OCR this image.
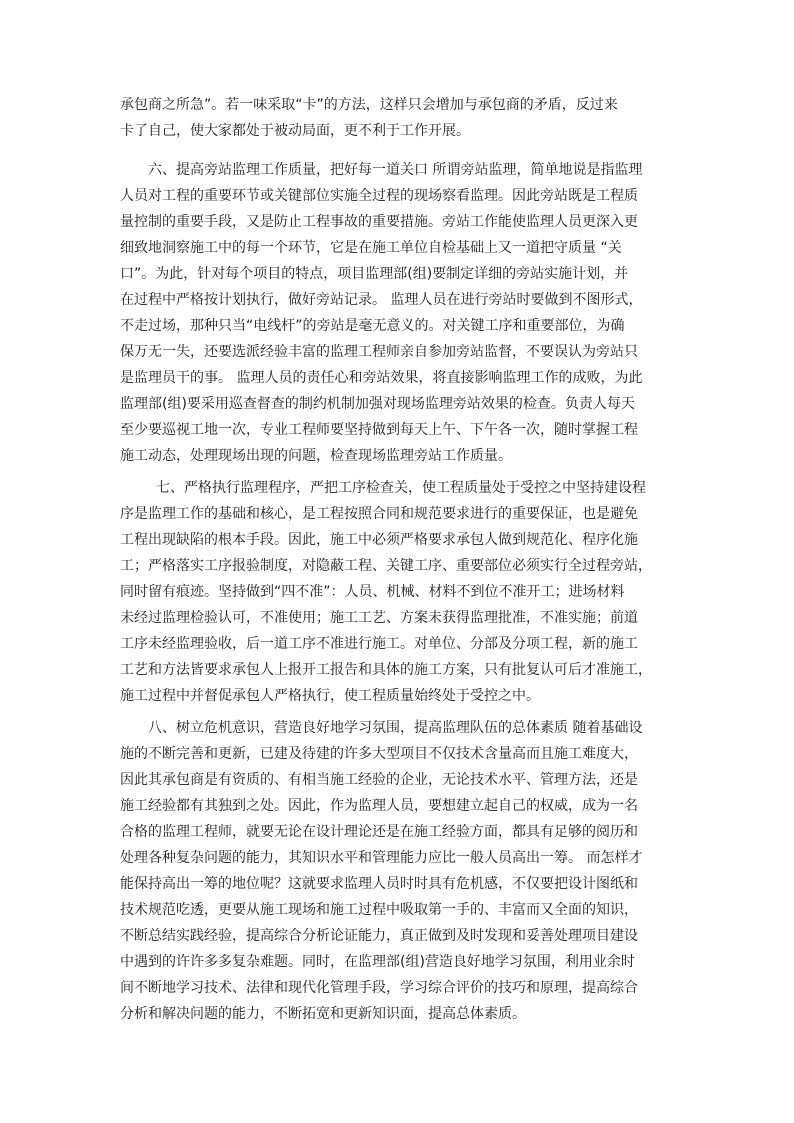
承包商之所急”。若一味采取“卡”的方法，这样只会增加与承包商的矛盾，反过来
卡了自己，使大家都处于被动局面，更不利于工作开展。
六、提高旁站监理工作质量，把好每一道关口 所谓旁站监理，简单地说是指监理
人员对工程的重要环节或关键部位实施全过程的现场察看监理。因此旁站既是工程质
量控制的重要手段，又是防止工程事故的重要措施。旁站工作能使监理人员更深入更
细致地洞察施工中的每一个环节，它是在施工单位自检基础上又一道把守质量 “关
口”。为此，针对每个项目的特点，项目监理部(组)要制定详细的旁站实施计划，并
在过程中严格按计划执行，做好旁站记录。 监理人员在进行旁站时要做到不图形式，
不走过场，那种只当“电线杆”的旁站是毫无意义的。对关键工序和重要部位，为确
保万无一失，还要选派经验丰富的监理工程师亲自参加旁站监督，不要误认为旁站只
是监理员干的事。 监理人员的责任心和旁站效果，将直接影响监理工作的成败，为此
监理部(组)要采用巡查督查的制约机制加强对现场监理旁站效果的检查。负责人每天
至少要巡视工地一次，专业工程师要坚持做到每天上午、下午各一次，随时掌握工程
施工动态，处理现场出现的问题，检查现场监理旁站工作质量。
七、严格执行监理程序，严把工序检查关，使工程质量处于受控之中坚持建设程
序是监理工作的基础和核心，是工程按照合同和规范要求进行的重要保证，也是避免
工程出现缺陷的根本手段。因此，施工中必须严格要求承包人做到规范化、程序化施
工；严格落实工序报验制度，对隐蔽工程、关键工序、重要部位必须实行全过程旁站，
同时留有痕迹。坚持做到“四不准”：人员、机械、材料不到位不准开工；进场材料
未经过监理检验认可，不准使用；施工工艺、方案未获得监理批准，不准实施；前道
工序未经监理验收，后一道工序不准进行施工。对单位、分部及分项工程，新的施工
工艺和方法皆要求承包人上报开工报告和具体的施工方案，只有批复认可后才准施工，
施工过程中并督促承包人严格执行，使工程质量始终处于受控之中。
八、树立危机意识，营造良好地学习氛围，提高监理队伍的总体素质 随着基础设
施的不断完善和更新，已建及待建的许多大型项目不仅技术含量高而且施工难度大，
因此其承包商是有资质的、有相当施工经验的企业，无论技术水平、管理方法，还是
施工经验都有其独到之处。因此，作为监理人员，要想建立起自己的权威，成为一名
合格的监理工程师，就要无论在设计理论还是在施工经验方面，都具有足够的阅历和
处理各种复杂问题的能力，其知识水平和管理能力应比一般人员高出一筹。 而怎样才
能保持高出一筹的地位呢？这就要求监理人员时时具有危机感，不仅要把设计图纸和
技术规范吃透，更要从施工现场和施工过程中吸取第一手的、丰富而又全面的知识，
不断总结实践经验，提高综合分析论证能力，真正做到及时发现和妥善处理项目建设
中遇到的许许多多复杂难题。同时，在监理部(组)营造良好地学习氛围，利用业余时
间不断地学习技术、法律和现代化管理手段，学习综合评价的技巧和原理，提高综合
分析和解决问题的能力，不断拓宽和更新知识面，提高总体素质。
